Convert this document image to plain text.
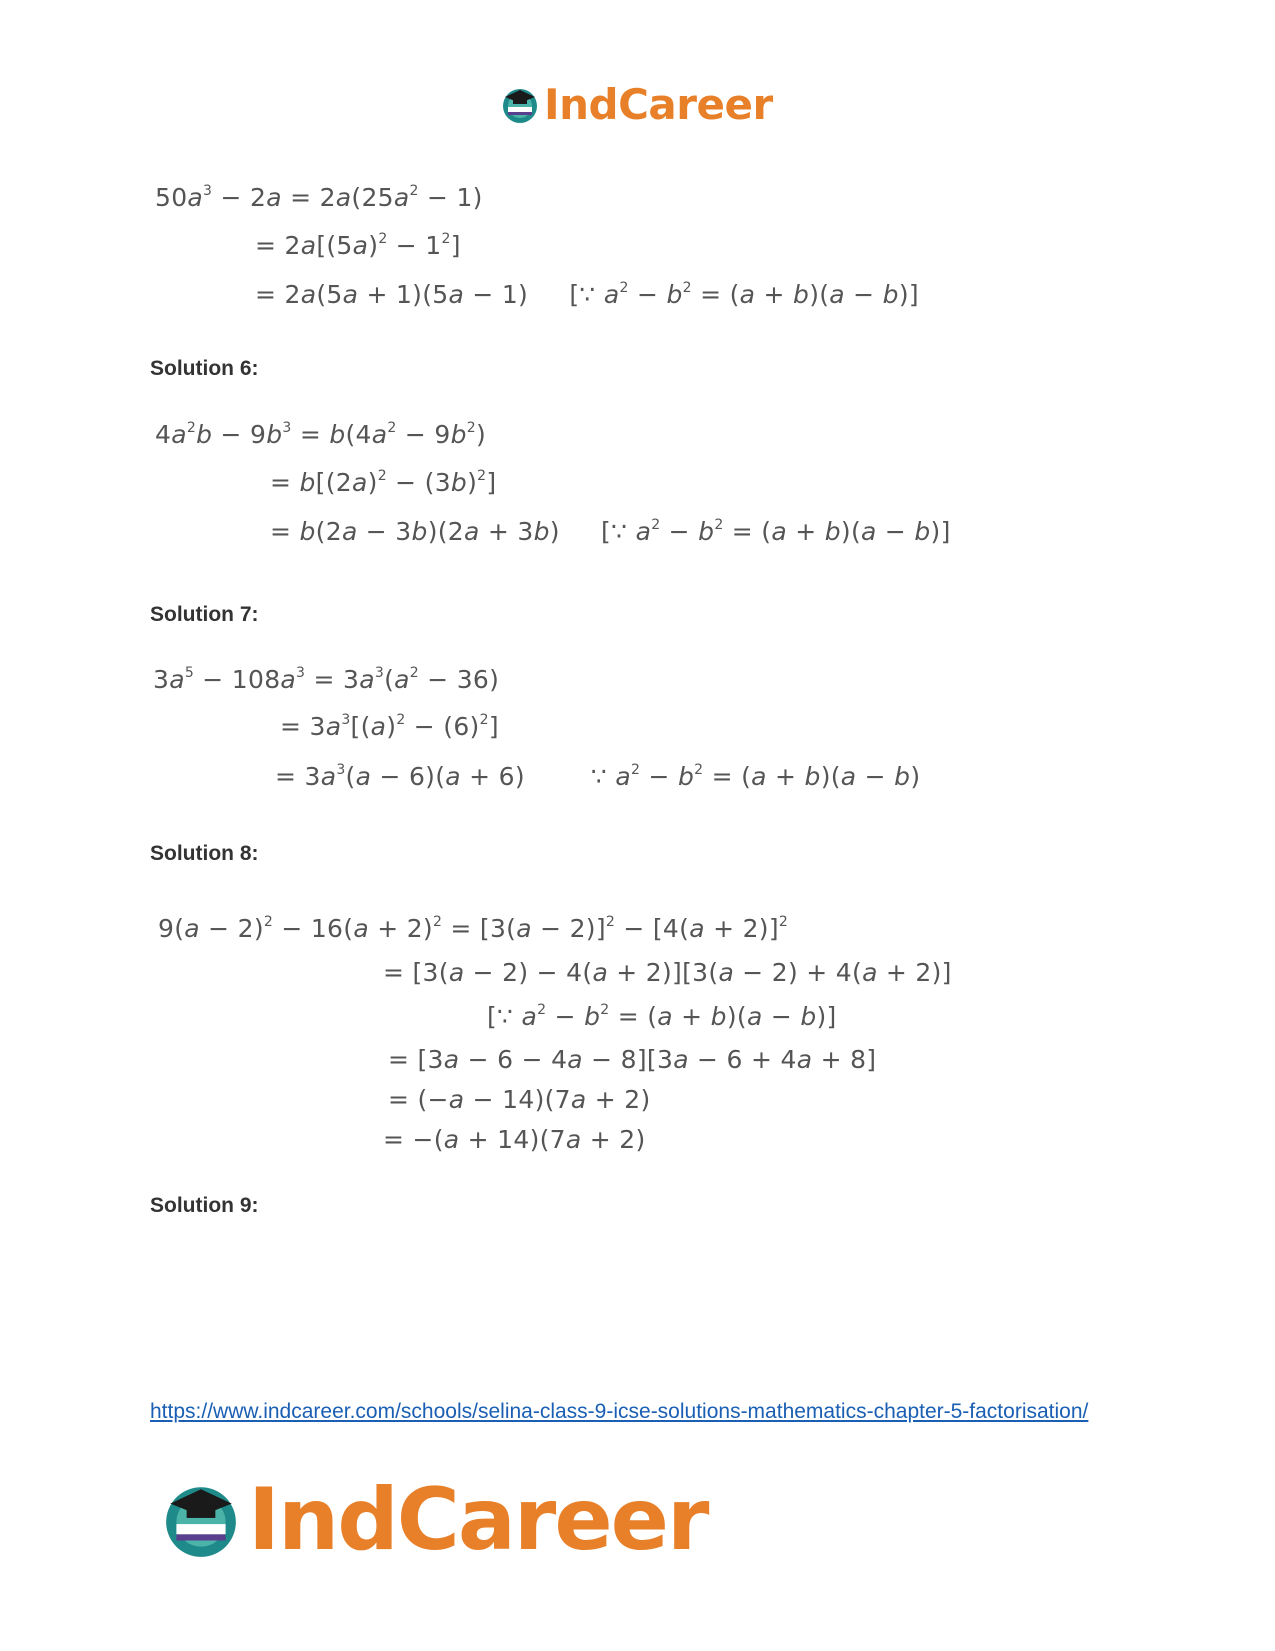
IndCareer
$50a^3 - 2a = 2a(25a^2 - 1)$
= $2a[(5a)^2 - 1^2]$
= 2a(5a + 1)(5a − 1)     [∵ $a^2 - b^2 = (a + b)(a - b)$]
Solution 6:
$4a^2b - 9b^3 = b(4a^2 - 9b^2)$
= $b[(2a)^2 - (3b)^2]$
= b(2a − 3b)(2a + 3b)     [∵ $a^2 - b^2 = (a + b)(a - b)$]
Solution 7:
$3a^5 - 108a^3 = 3a^3(a^2 - 36)$
= $3a^3[(a)^2 - (6)^2]$
= $3a^3(a - 6)(a + 6)$        ∵ $a^2 - b^2 = (a + b)(a - b)$
Solution 8:
$9(a - 2)^2 - 16(a + 2)^2 = [3(a - 2)]^2 - [4(a + 2)]^2$
= [3(a − 2) − 4(a + 2)][3(a − 2) + 4(a + 2)]
[∵ $a^2 - b^2 = (a + b)(a - b)$]
= [3a − 6 − 4a − 8][3a − 6 + 4a + 8]
= (−a − 14)(7a + 2)
= −(a + 14)(7a + 2)
Solution 9:
https://www.indcareer.com/schools/selina-class-9-icse-solutions-mathematics-chapter-5-factorisation/
IndCareer
